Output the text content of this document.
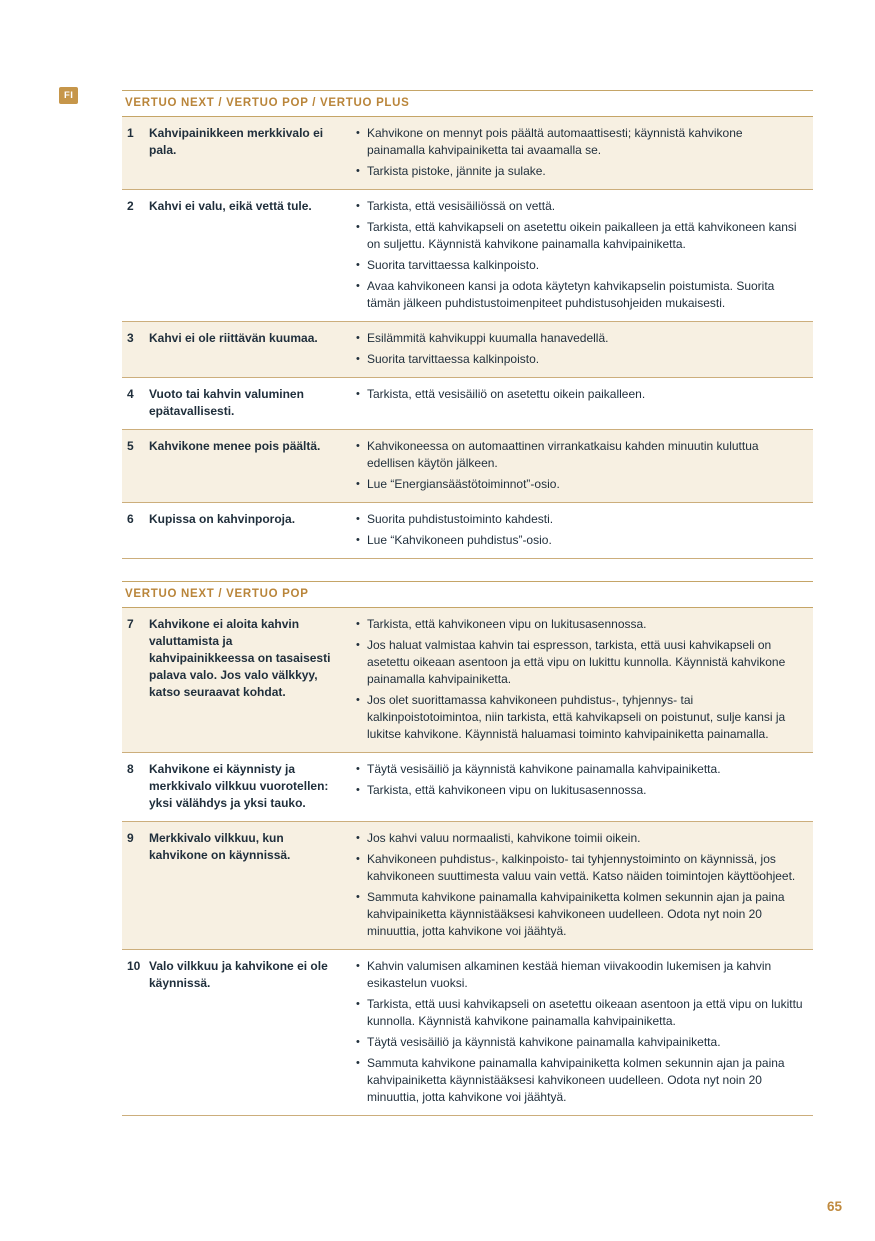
FI
VERTUO NEXT / VERTUO POP / VERTUO PLUS
1	Kahvipainikkeen merkkivalo ei pala.
• Kahvikone on mennyt pois päältä automaattisesti; käynnistä kahvikone painamalla kahvipainiketta tai avaamalla se.
• Tarkista pistoke, jännite ja sulake.
2	Kahvi ei valu, eikä vettä tule.	• Tarkista, että vesisäiliössä on vettä.
• Tarkista, että kahvikapseli on asetettu oikein paikalleen ja että kahvikoneen kansi on suljettu. Käynnistä kahvikone painamalla kahvipainiketta.
• Suorita tarvittaessa kalkinpoisto.
• Avaa kahvikoneen kansi ja odota käytetyn kahvikapselin poistumista. Suorita tämän jälkeen puhdistustoimenpiteet puhdistusohjeiden mukaisesti.
3	Kahvi ei ole riittävän kuumaa.	• Esilämmitä kahvikuppi kuumalla hanavedellä.
• Suorita tarvittaessa kalkinpoisto.
4	Vuoto tai kahvin valuminen epätavallisesti.
• Tarkista, että vesisäiliö on asetettu oikein paikalleen.
5	Kahvikone menee pois päältä.	• Kahvikoneessa on automaattinen virrankatkaisu kahden minuutin kuluttua edellisen käytön jälkeen.
• Lue “Energiansäästötoiminnot”-osio.
6	Kupissa on kahvinporoja.	• Suorita puhdistustoiminto kahdesti.
• Lue “Kahvikoneen puhdistus”-osio.
VERTUO NEXT / VERTUO POP
7	Kahvikone ei aloita kahvin valuttamista ja kahvipainikkeessa on tasaisesti palava valo. Jos valo välkkyy, katso seuraavat kohdat.
• Tarkista, että kahvikoneen vipu on lukitusasennossa.
• Jos haluat valmistaa kahvin tai espresson, tarkista, että uusi kahvikapseli on asetettu oikeaan asentoon ja että vipu on lukittu kunnolla. Käynnistä kahvikone painamalla kahvipainiketta.
• Jos olet suorittamassa kahvikoneen puhdistus-, tyhjennys- tai kalkinpoistotoimintoa, niin tarkista, että kahvikapseli on poistunut, sulje kansi ja lukitse kahvikone. Käynnistä haluamasi toiminto kahvipainiketta painamalla.
8	Kahvikone ei käynnisty ja merkkivalo vilkkuu vuorotellen: yksi välähdys ja yksi tauko.
• Täytä vesisäiliö ja käynnistä kahvikone painamalla kahvipainiketta.
• Tarkista, että kahvikoneen vipu on lukitusasennossa.
9	Merkkivalo vilkkuu, kun kahvikone on käynnissä.
• Jos kahvi valuu normaalisti, kahvikone toimii oikein.
• Kahvikoneen puhdistus-, kalkinpoisto- tai tyhjennystoiminto on käynnissä, jos kahvikoneen suuttimesta valuu vain vettä. Katso näiden toimintojen käyttöohjeet.
• Sammuta kahvikone painamalla kahvipainiketta kolmen sekunnin ajan ja paina kahvipainiketta käynnistääksesi kahvikoneen uudelleen. Odota nyt noin 20 minuuttia, jotta kahvikone voi jäähtyä.
10 Valo vilkkuu ja kahvikone ei ole käynnissä.
• Kahvin valumisen alkaminen kestää hieman viivakoodin lukemisen ja kahvin esikastelun vuoksi.
• Tarkista, että uusi kahvikapseli on asetettu oikeaan asentoon ja että vipu on lukittu kunnolla. Käynnistä kahvikone painamalla kahvipainiketta.
• Täytä vesisäiliö ja käynnistä kahvikone painamalla kahvipainiketta.
• Sammuta kahvikone painamalla kahvipainiketta kolmen sekunnin ajan ja paina kahvipainiketta käynnistääksesi kahvikoneen uudelleen. Odota nyt noin 20 minuuttia, jotta kahvikone voi jäähtyä.
65
